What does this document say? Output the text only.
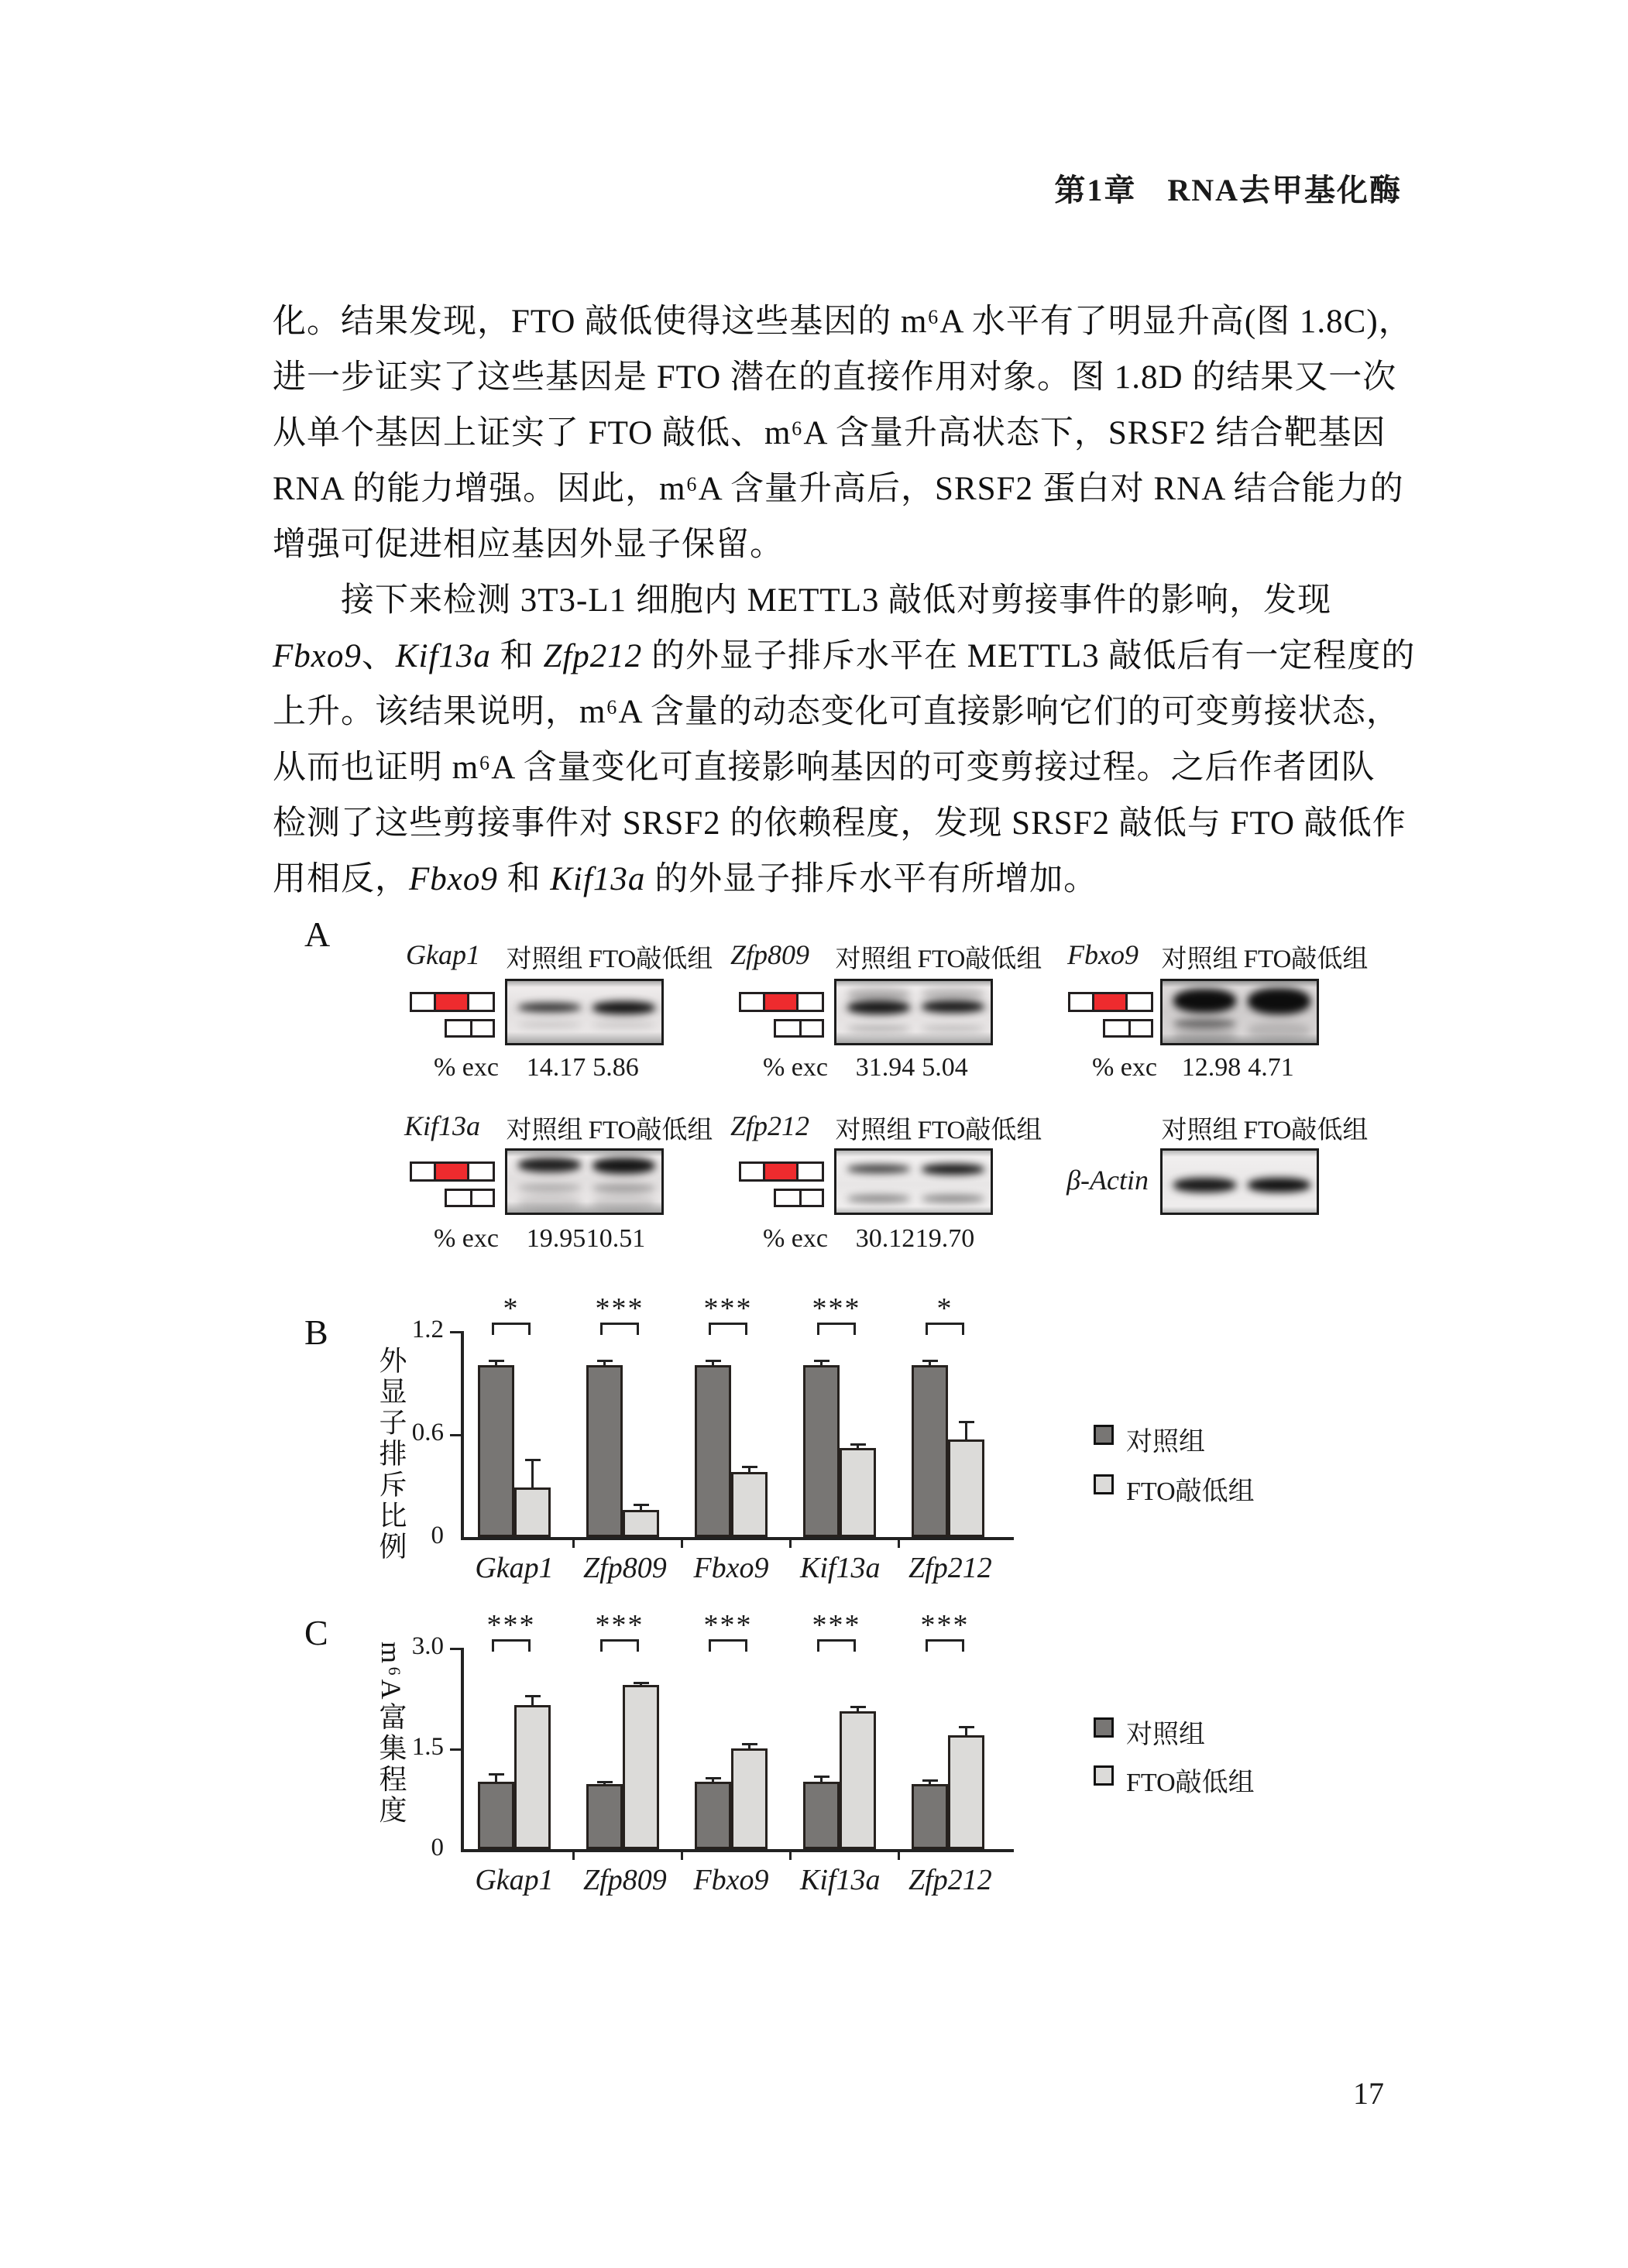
第1章 RNA去甲基化酶
化。结果发现，FTO 敲低使得这些基因的 m⁶A 水平有了明显升高(图 1.8C)，
进一步证实了这些基因是 FTO 潜在的直接作用对象。图 1.8D 的结果又一次
从单个基因上证实了 FTO 敲低、m⁶A 含量升高状态下，SRSF2 结合靶基因
RNA 的能力增强。因此，m⁶A 含量升高后，SRSF2 蛋白对 RNA 结合能力的
增强可促进相应基因外显子保留。
接下来检测 3T3-L1 细胞内 METTL3 敲低对剪接事件的影响，发现
Fbxo9、Kif13a 和 Zfp212 的外显子排斥水平在 METTL3 敲低后有一定程度的
上升。该结果说明，m⁶A 含量的动态变化可直接影响它们的可变剪接状态，
从而也证明 m⁶A 含量变化可直接影响基因的可变剪接过程。之后作者团队
检测了这些剪接事件对 SRSF2 的依赖程度，发现 SRSF2 敲低与 FTO 敲低作
用相反，Fbxo9 和 Kif13a 的外显子排斥水平有所增加。
A
B
C
Gkap1 对照组 FTO敲低组
% exc	14.17 5.86
Zfp809 对照组 FTO敲低组
% exc	31.94 5.04
Fbxo9 对照组 FTO敲低组
% exc 12.98 4.71
Kif13a 对照组 FTO敲低组
% exc	19.95 10.51
Zfp212 对照组 FTO敲低组
% exc	30.12 19.70
β-Actin
对照组 FTO敲低组
0
0.6
1.2
*
Gkap1
***
Zfp809
***
Fbxo9
***
Kif13a
*
Zfp212
外显子排斥比例	对照组
FTO敲低组
0
1.5
3.0
***
Gkap1
***
Zfp809
***
Fbxo9
***
Kif13a
***
Zfp212
m⁶A富集程度	对照组
FTO敲低组
17
